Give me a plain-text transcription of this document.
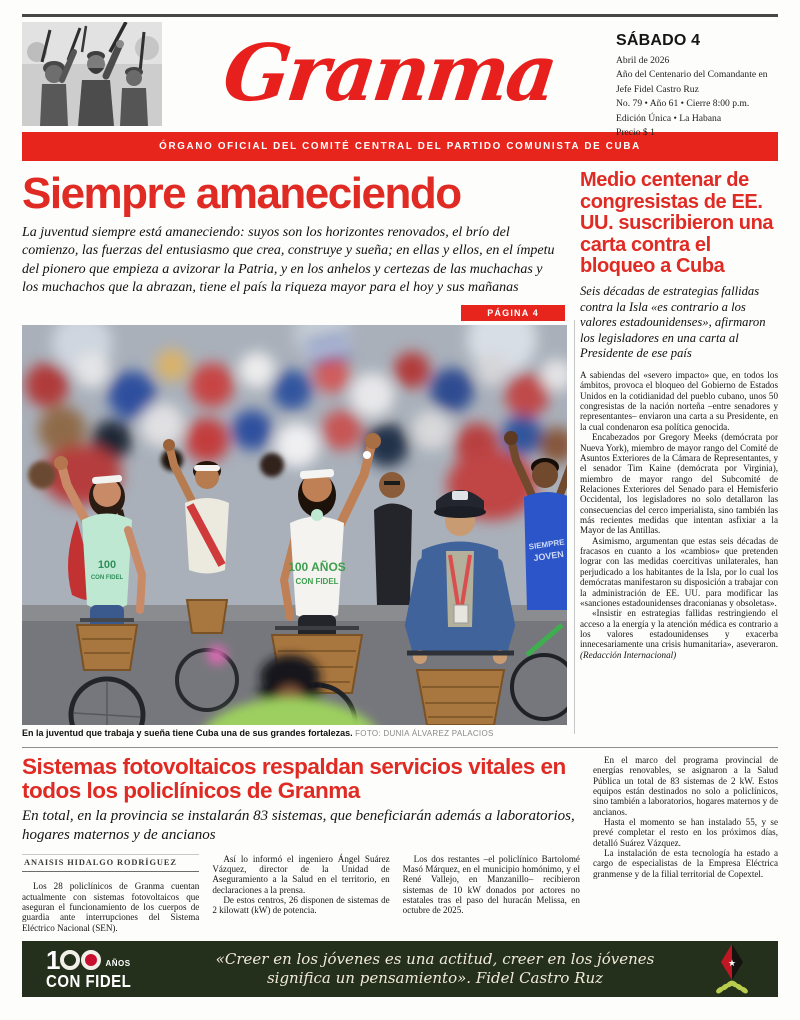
Granma	SÁBADO 4
Abril de 2026
Año del Centenario del Comandante en Jefe Fidel Castro Ruz
No. 79 • Año 61 • Cierre 8:00 p.m.
Edición Única • La Habana
Precio $ 1
ÓRGANO OFICIAL DEL COMITÉ CENTRAL DEL PARTIDO COMUNISTA DE CUBA
Siempre amaneciendo
La juventud siempre está amaneciendo: suyos son los horizontes renovados, el brío del comienzo, las fuerzas del entusiasmo que crea, construye y sueña; en ellas y ellos, en el ímpetu del pionero que empieza a avizorar la Patria, y en los anhelos y certezas de las muchachas y los muchachos que la abrazan, tiene el país la riqueza mayor para el hoy y sus mañanas
PÁGINA 4
100
CON FIDEL
100 AÑOS
CON FIDEL
SIEMPRE
JOVEN
En la juventud que trabaja y sueña tiene Cuba una de sus grandes fortalezas. FOTO: DUNIA ÁLVAREZ PALACIOS
Medio centenar de congresistas de EE. UU. suscribieron una carta contra el bloqueo a Cuba
Seis décadas de estrategias fallidas contra la Isla «es contrario a los valores estadounidenses», afirmaron los legisladores en una carta al Presidente de ese país

A sabiendas del «severo impacto» que, en todos los ámbitos, provoca el bloqueo del Gobierno de Estados Unidos en la cotidianidad del pueblo cubano, unos 50 congresistas de la nación norteña –entre senadores y representantes– enviaron una carta a su Presidente, en la cual condenaron esa política genocida.

Encabezados por Gregory Meeks (demócrata por Nueva York), miembro de mayor rango del Comité de Asuntos Exteriores de la Cámara de Representantes, y el senador Tim Kaine (demócrata por Virginia), miembro de mayor rango del Subcomité de Relaciones Exteriores del Senado para el Hemisferio Occidental, los legisladores no solo detallaron las consecuencias del cerco imperialista, sino también las más recientes medidas que intentan asfixiar a la Mayor de las Antillas.

Asimismo, argumentan que estas seis décadas de fracasos en cuanto a los «cambios» que pretenden lograr con las medidas coercitivas unilaterales, han perjudicado a los habitantes de la Isla, por lo cual los demócratas manifestaron su disposición a trabajar con la administración de EE. UU. para modificar las «sanciones estadounidenses draconianas y obsoletas».

«Insistir en estrategias fallidas restringiendo el acceso a la energía y la atención médica es contrario a los valores estadounidenses y exacerba innecesariamente una crisis humanitaria», aseveraron. (Redacción Internacional)

Sistemas fotovoltaicos respaldan servicios vitales en todos los policlínicos de Granma
En total, en la provincia se instalarán 83 sistemas, que beneficiarán además a laboratorios, hogares maternos y de ancianos
ANAISIS HIDALGO RODRÍGUEZ

Los 28 policlínicos de Granma cuentan actualmente con sistemas fotovoltaicos que aseguran el funcionamiento de los cuerpos de guardia ante interrupciones del Sistema Eléctrico Nacional (SEN).

Así lo informó el ingeniero Ángel Suárez Vázquez, director de la Unidad de Aseguramiento a la Salud en el territorio, en declaraciones a la prensa.

De estos centros, 26 disponen de sistemas de 2 kilowatt (kW) de potencia.

Los dos restantes –el policlínico Bartolomé Masó Márquez, en el municipio homónimo, y el René Vallejo, en Manzanillo– recibieron sistemas de 10 kW donados por actores no estatales tras el paso del huracán Melissa, en octubre de 2025.

En el marco del programa provincial de energías renovables, se asignaron a la Salud Pública un total de 83 sistemas de 2 kW. Estos equipos están destinados no solo a policlínicos, sino también a laboratorios, hogares maternos y de ancianos.

Hasta el momento se han instalado 55, y se prevé completar el resto en los próximos días, detalló Suárez Vázquez.

La instalación de esta tecnología ha estado a cargo de especialistas de la Empresa Eléctrica granmense y de la filial territorial de Copextel.

1	AÑOS
CON FIDEL
«Creer en los jóvenes es una actitud, creer en los jóvenes
significa un pensamiento». Fidel Castro Ruz
★
